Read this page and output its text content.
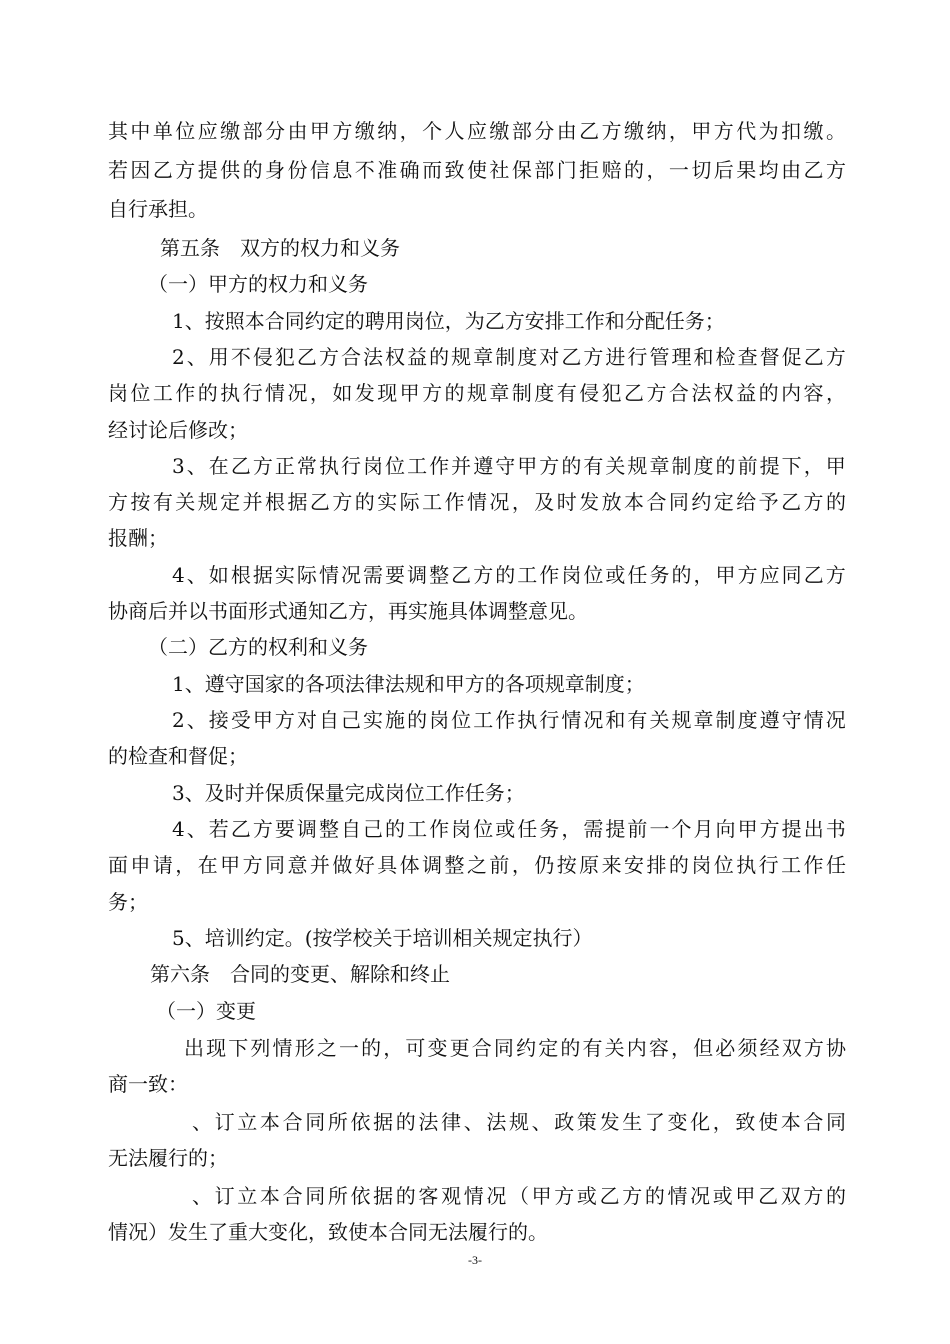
其中单位应缴部分由甲方缴纳，个人应缴部分由乙方缴纳，甲方代为扣缴。
若因乙方提供的身份信息不准确而致使社保部门拒赔的，一切后果均由乙方
自行承担。
第五条　双方的权力和义务
（一）甲方的权力和义务
1、按照本合同约定的聘用岗位，为乙方安排工作和分配任务；
2、用不侵犯乙方合法权益的规章制度对乙方进行管理和检查督促乙方
岗位工作的执行情况，如发现甲方的规章制度有侵犯乙方合法权益的内容，
经讨论后修改；
3、在乙方正常执行岗位工作并遵守甲方的有关规章制度的前提下，甲
方按有关规定并根据乙方的实际工作情况，及时发放本合同约定给予乙方的
报酬；
4、如根据实际情况需要调整乙方的工作岗位或任务的，甲方应同乙方
协商后并以书面形式通知乙方，再实施具体调整意见。
（二）乙方的权利和义务
1、遵守国家的各项法律法规和甲方的各项规章制度；
2、接受甲方对自己实施的岗位工作执行情况和有关规章制度遵守情况
的检查和督促；
3、及时并保质保量完成岗位工作任务；
4、若乙方要调整自己的工作岗位或任务，需提前一个月向甲方提出书
面申请，在甲方同意并做好具体调整之前，仍按原来安排的岗位执行工作任
务；
5、培训约定。(按学校关于培训相关规定执行）
第六条　合同的变更、解除和终止
（一）变更
出现下列情形之一的，可变更合同约定的有关内容，但必须经双方协
商一致：
、订立本合同所依据的法律、法规、政策发生了变化，致使本合同
无法履行的；
、订立本合同所依据的客观情况（甲方或乙方的情况或甲乙双方的
情况）发生了重大变化，致使本合同无法履行的。
-3-
